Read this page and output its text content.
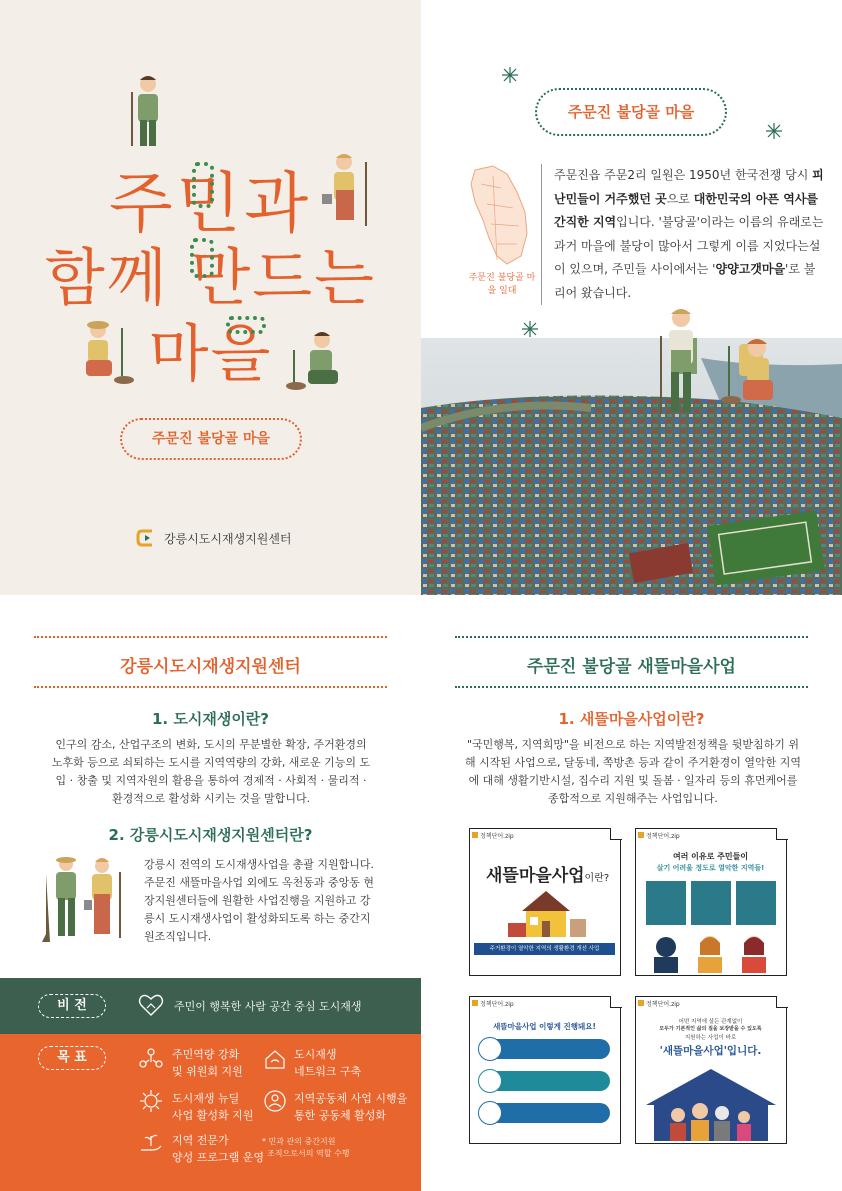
주민과
함께 만드는
마을
주문진 불당골 마을
강릉시도시재생지원센터
주문진 불당골 마을
주문진 불당골 마을 일대
주문진읍 주문2리 일원은 1950년 한국전쟁 당시 피난민들이 거주했던 곳으로 대한민국의 아픈 역사를 간직한 지역입니다. '불당골'이라는 이름의 유래로는 과거 마을에 불당이 많아서 그렇게 이름 지었다는설이 있으며, 주민들 사이에서는 '양양고갯마을'로 불리어 왔습니다.
강릉시도시재생지원센터
1. 도시재생이란?
인구의 감소, 산업구조의 변화, 도시의 무분별한 확장, 주거환경의 노후화 등으로 쇠퇴하는 도시를 지역역량의 강화, 새로운 기능의 도입 · 창출 및 지역자원의 활용을 통하여 경제적 · 사회적 · 물리적 · 환경적으로 활성화 시키는 것을 말합니다.
2. 강릉시도시재생지원센터란?
강릉시 전역의 도시재생사업을 총괄 지원합니다. 주문진 새뜰마을사업 외에도 옥천동과 중앙동 현장지원센터들에 원활한 사업진행을 지원하고 강릉시 도시재생사업이 활성화되도록 하는 중간지원조직입니다.
비 전	주민이 행복한 사람 공간 중심 도시재생
목 표	주민역량 강화
및 위원회 지원
도시재생
네트워크 구축
도시재생 뉴딜
사업 활성화 지원
지역공동체 사업 시행을
통한 공동체 활성화
지역 전문가
양성 프로그램 운영
* 민과 관의 중간지원
조직으로서의 역할 수행
주문진 불당골 새뜰마을사업
1. 새뜰마을사업이란?
"국민행복, 지역희망"을 비전으로 하는 지역발전정책을 뒷받침하기 위해 시작된 사업으로, 달동네, 쪽방촌 등과 같이 주거환경이 열악한 지역에 대해 생활기반시설, 집수리 지원 및 돌봄 · 일자리 등의 휴먼케어를 종합적으로 지원해주는 사업입니다.
정책단어.zip
새뜰마을사업이란?
주거환경이 열악한 지역의 생활환경 개선 사업
정책단어.zip
여러 이유로 주민들이
살기 어려울 정도로 열악한 지역들!
정책단어.zip
새뜰마을사업 이렇게 진행돼요!
정책단어.zip
어떤 지역에 살든 관계없이
모두가 기본적인 삶의 질을 보장받을 수 있도록
지원하는 사업이 바로
'새뜰마을사업'입니다.
